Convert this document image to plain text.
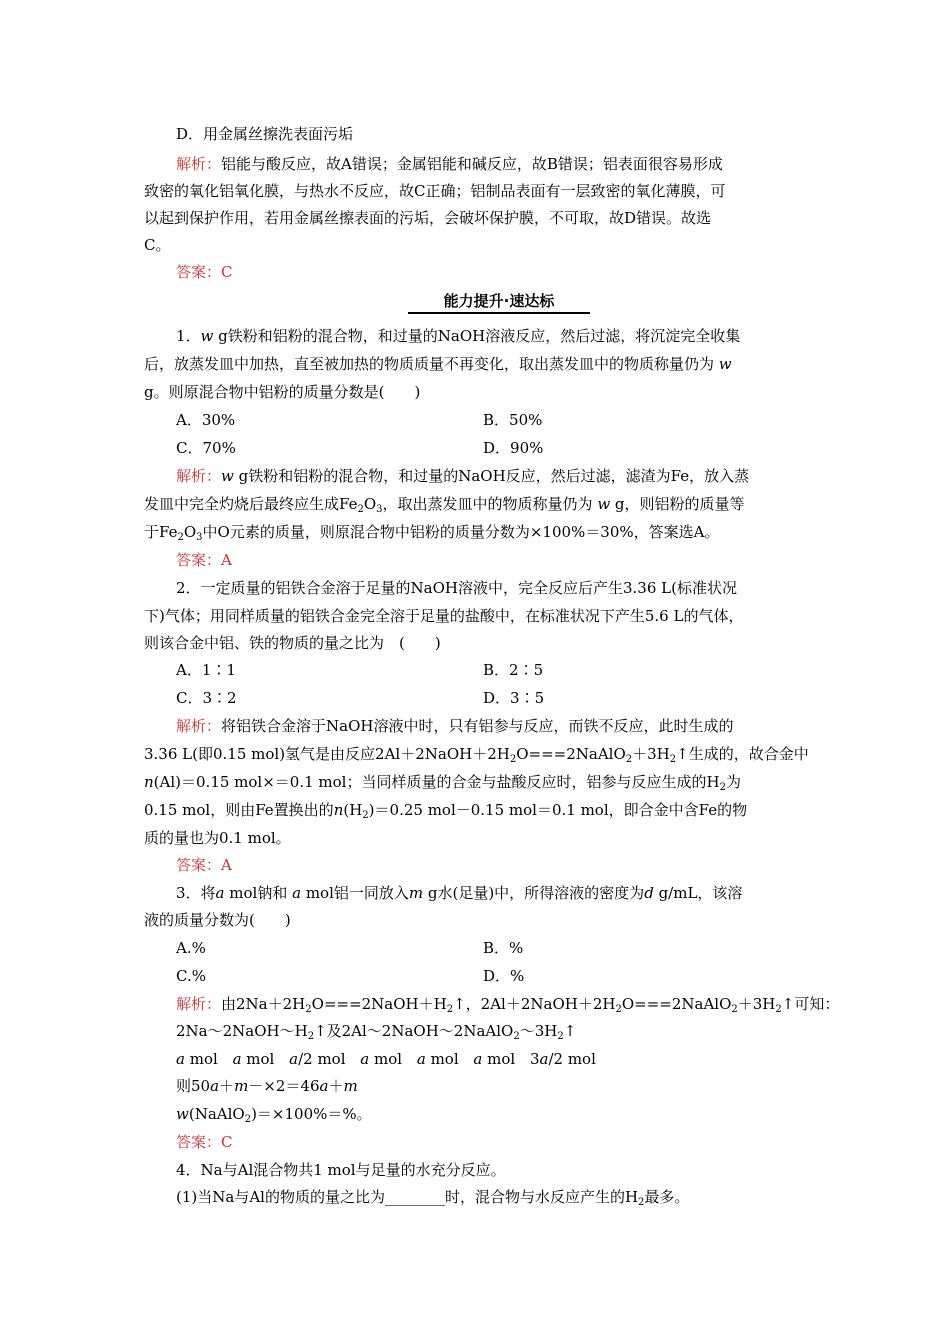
D．用金属丝擦洗表面污垢
解析：铝能与酸反应，故A错误；金属铝能和碱反应，故B错误；铝表面很容易形成
致密的氧化铝氧化膜，与热水不反应，故C正确；铝制品表面有一层致密的氧化薄膜，可
以起到保护作用，若用金属丝擦表面的污垢，会破坏保护膜，不可取，故D错误。故选
C。
答案：C
能力提升·速达标
1．w g铁粉和铝粉的混合物，和过量的NaOH溶液反应，然后过滤，将沉淀完全收集
后，放蒸发皿中加热，直至被加热的物质质量不再变化，取出蒸发皿中的物质称量仍为 w
g。则原混合物中铝粉的质量分数是(　　)
A．30%	B．50%
C．70%	D．90%
解析：w g铁粉和铝粉的混合物，和过量的NaOH反应，然后过滤，滤渣为Fe，放入蒸
发皿中完全灼烧后最终应生成$Fe_2O_3$，取出蒸发皿中的物质称量仍为 w g，则铝粉的质量等
于$Fe_2O_3$中O元素的质量，则原混合物中铝粉的质量分数为×100%＝30%，答案选A。
答案：A
2．一定质量的铝铁合金溶于足量的NaOH溶液中，完全反应后产生3.36 L(标准状况
下)气体；用同样质量的铝铁合金完全溶于足量的盐酸中，在标准状况下产生5.6 L的气体，
则该合金中铝、铁的物质的量之比为　(　　)
A．1∶1	B．2∶5
C．3∶2	D．3∶5
解析：将铝铁合金溶于NaOH溶液中时，只有铝参与反应，而铁不反应，此时生成的
3.36 L(即0.15 mol)氢气是由反应$2Al+2NaOH+2H_2O===2NaAlO_2+3H_2↑$生成的，故合金中
n(Al)＝0.15 mol×＝0.1 mol；当同样质量的合金与盐酸反应时，铝参与反应生成的$H_2$为
0.15 mol，则由Fe置换出的$n(H_2)=0.25$ mol－0.15 mol＝0.1 mol，即合金中含Fe的物
质的量也为0.1 mol。
答案：A
3．将a mol钠和 a mol铝一同放入m g水(足量)中，所得溶液的密度为d g/mL，该溶
液的质量分数为(　　)
A.%	B．%
C.%	D．%
解析：由$2Na+2H_2O===2NaOH+H_2↑$，$2Al+2NaOH+2H_2O===2NaAlO_2+3H_2↑$可知：
$2Na\sim 2NaOH\sim H_2↑$及$2Al\sim 2NaOH\sim 2NaAlO_2\sim 3H_2↑$
a mol a mol a/2 mol a mol a mol a mol 3a/2 mol
则50a＋m－×2＝46a＋m
w(NaAlO$_2$)＝×100%＝%。
答案：C
4．Na与Al混合物共1 mol与足量的水充分反应。
(1)当Na与Al的物质的量之比为________时，混合物与水反应产生的$H_2$最多。
